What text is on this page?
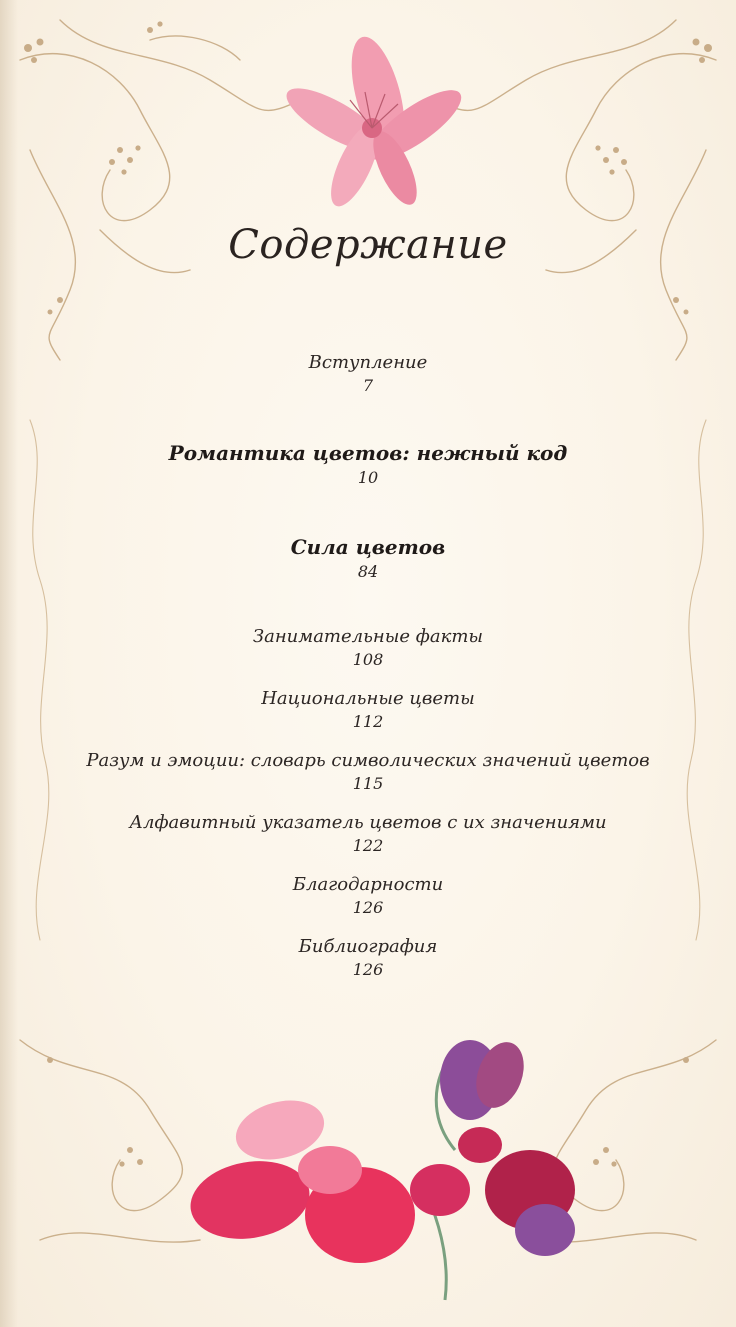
Содержание
Вступление
7
Романтика цветов: нежный код
10
Сила цветов
84
Занимательные факты
108
Национальные цветы
112
Разум и эмоции: словарь символических значений цветов
115
Алфавитный указатель цветов с их значениями
122
Благодарности
126
Библиография
126
